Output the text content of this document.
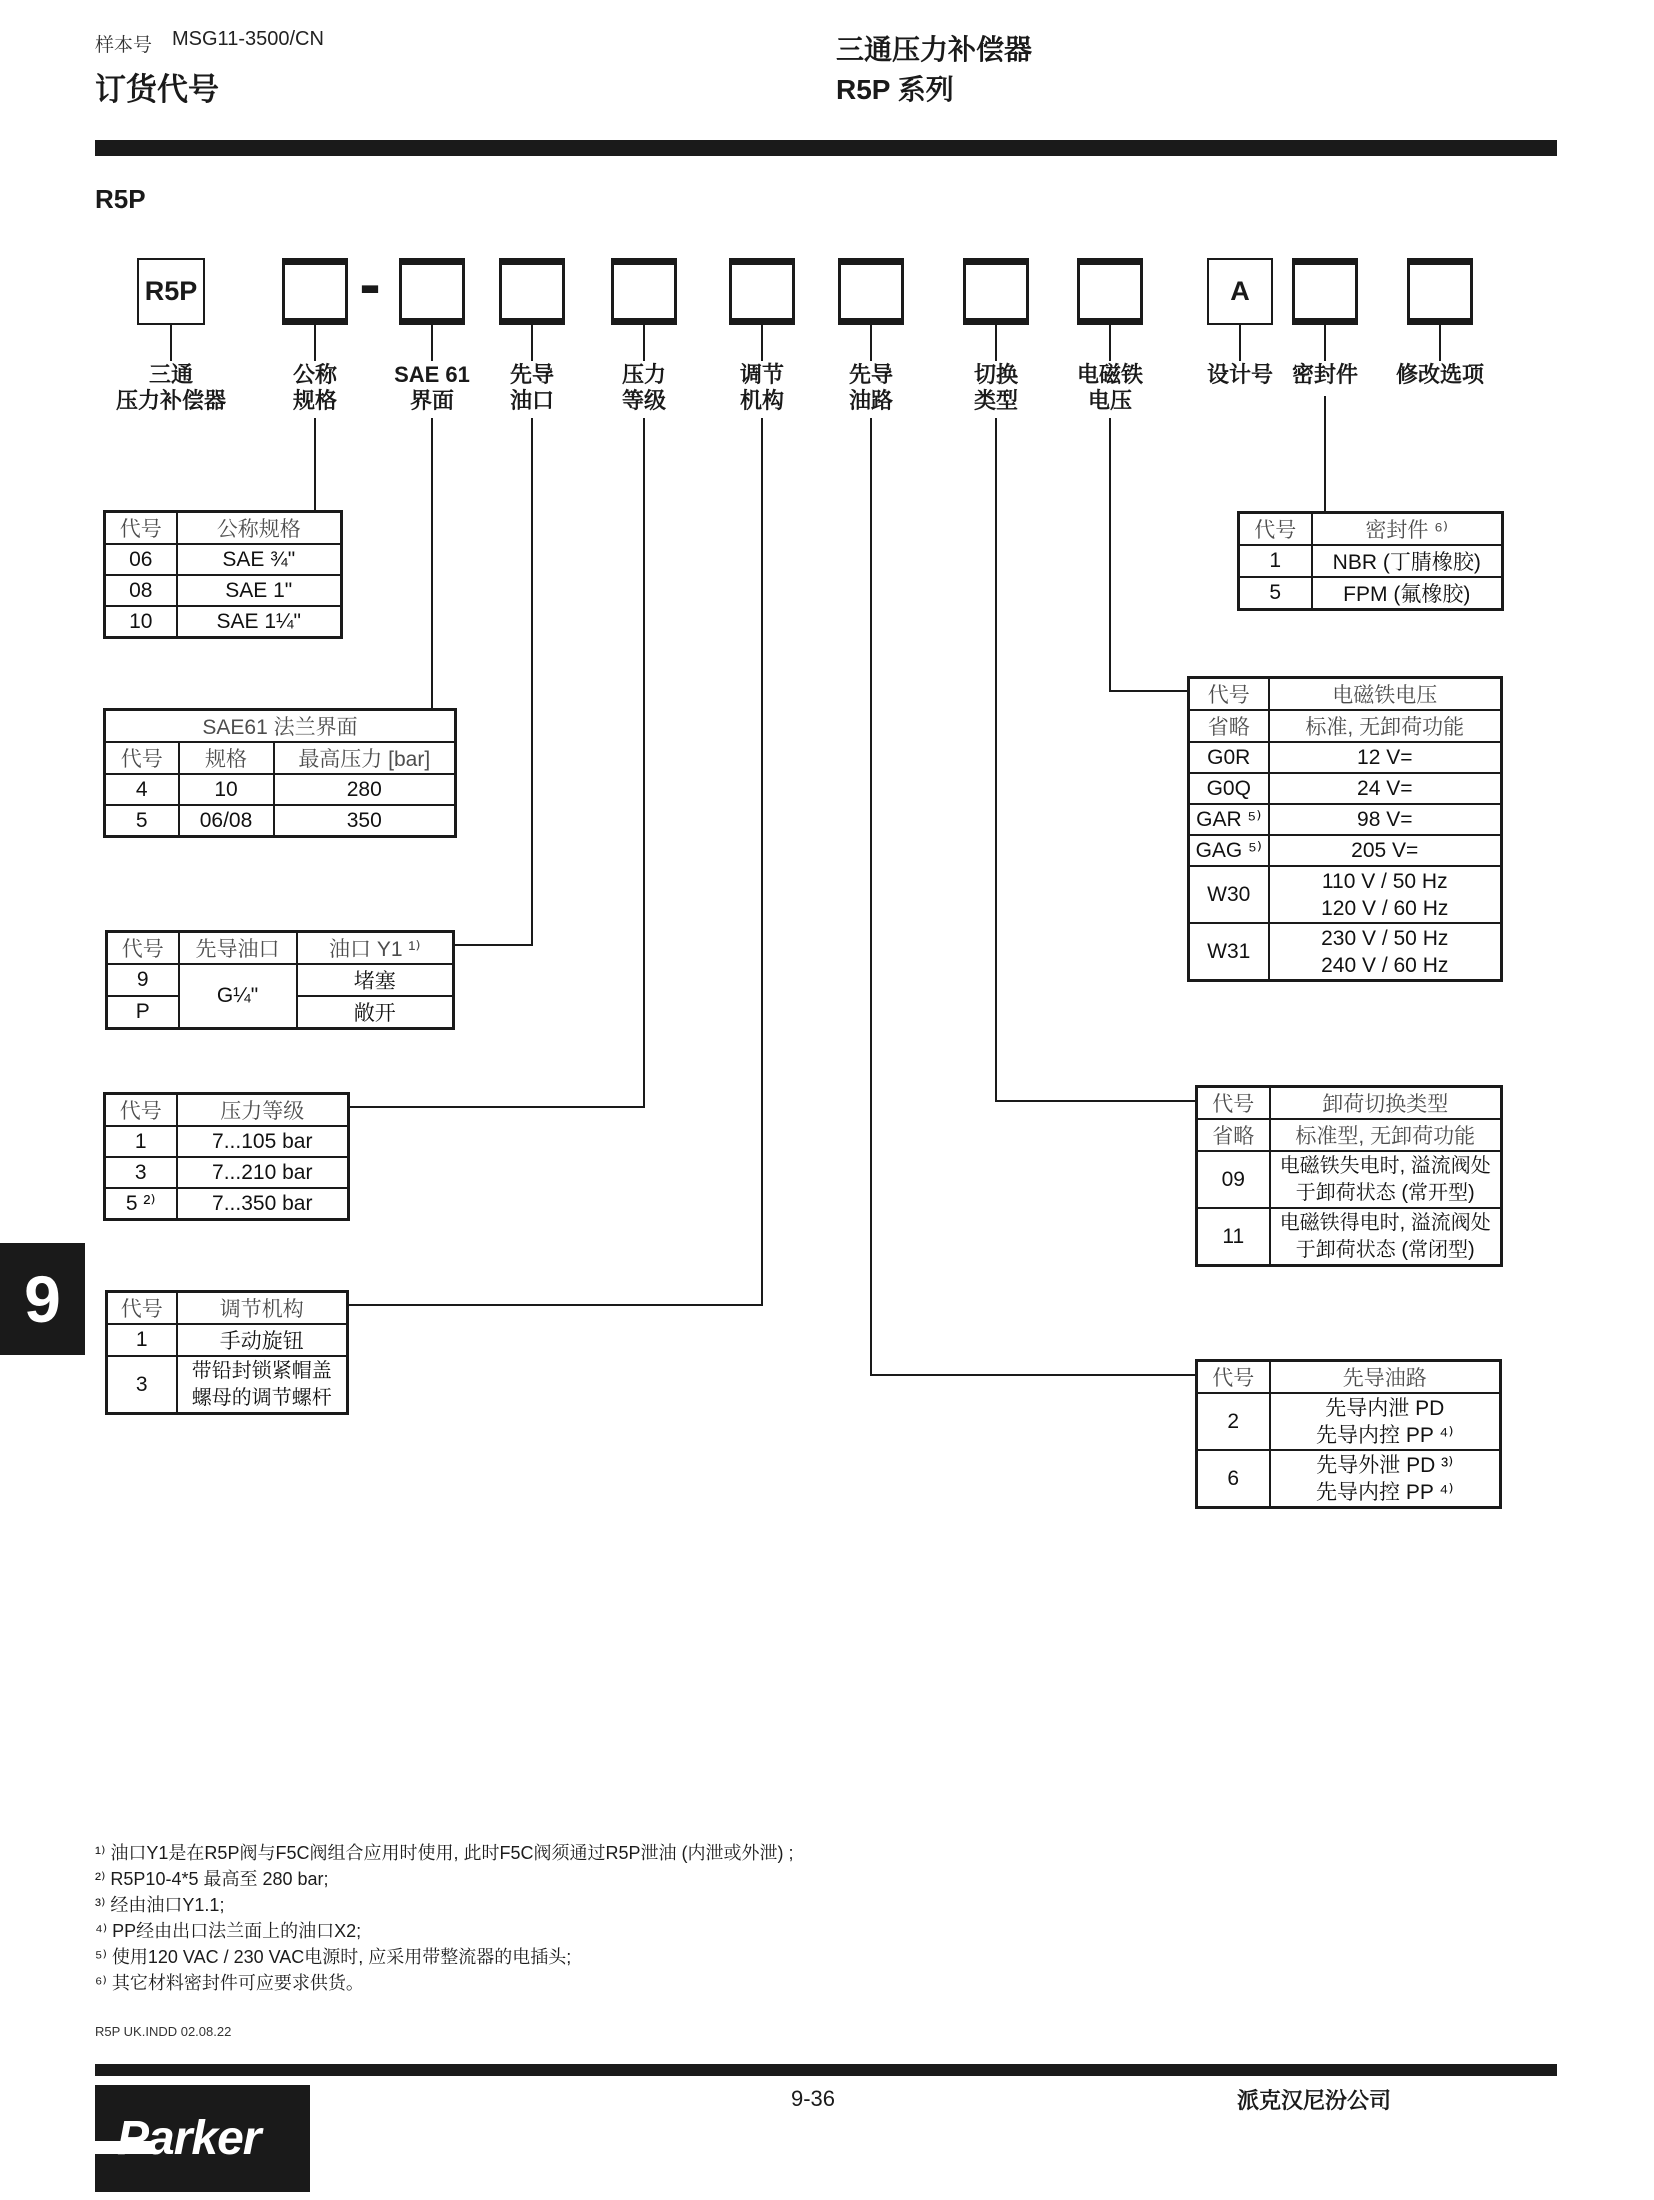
样本号 MSG11-3500/CN
订货代号
三通压力补偿器
R5P 系列
R5P
R5P	-	A
三通
压力补偿器
公称
规格
SAE 61
界面
先导
油口
压力
等级
调节
机构
先导
油路
切换
类型
电磁铁
电压
设计号 密封件	修改选项
代号	公称规格
06	SAE ¾"
08	SAE 1"
10	SAE 1¼"
SAE61 法兰界面		
代号	规格	最高压力 [bar]
4	10	280
5	06/08	350
代号	先导油口	油口 Y1 ¹⁾
9	G¼"	堵塞
P		敞开
代号	压力等级
1	7...105 bar
3	7...210 bar
5 ²⁾	7...350 bar
代号	调节机构
1	手动旋钮
3	带铅封锁紧帽盖
螺母的调节螺杆
代号	密封件 ⁶⁾
1	NBR (丁腈橡胶)
5	FPM (氟橡胶)
代号	电磁铁电压
省略	标准, 无卸荷功能
G0R	12 V=
G0Q	24 V=
GAR ⁵⁾	98 V=
GAG ⁵⁾	205 V=
W30	110 V / 50 Hz
120 V / 60 Hz

W31	230 V / 50 Hz
240 V / 60 Hz
代号	卸荷切换类型
省略	标准型, 无卸荷功能
09	电磁铁失电时, 溢流阀处
于卸荷状态 (常开型)

11	电磁铁得电时, 溢流阀处
于卸荷状态 (常闭型)
代号	先导油路
2	先导内泄 PD
先导内控 PP ⁴⁾

6	先导外泄 PD ³⁾
先导内控 PP ⁴⁾
9
¹⁾ 油口Y1是在R5P阀与F5C阀组合应用时使用, 此时F5C阀须通过R5P泄油 (内泄或外泄) ;
²⁾ R5P10-4*5 最高至 280 bar;
³⁾ 经由油口Y1.1;
⁴⁾ PP经由出口法兰面上的油口X2;
⁵⁾ 使用120 VAC / 230 VAC电源时, 应采用带整流器的电插头;
⁶⁾ 其它材料密封件可应要求供货。
R5P UK.INDD 02.08.22
Parker
9-36	派克汉尼汾公司
